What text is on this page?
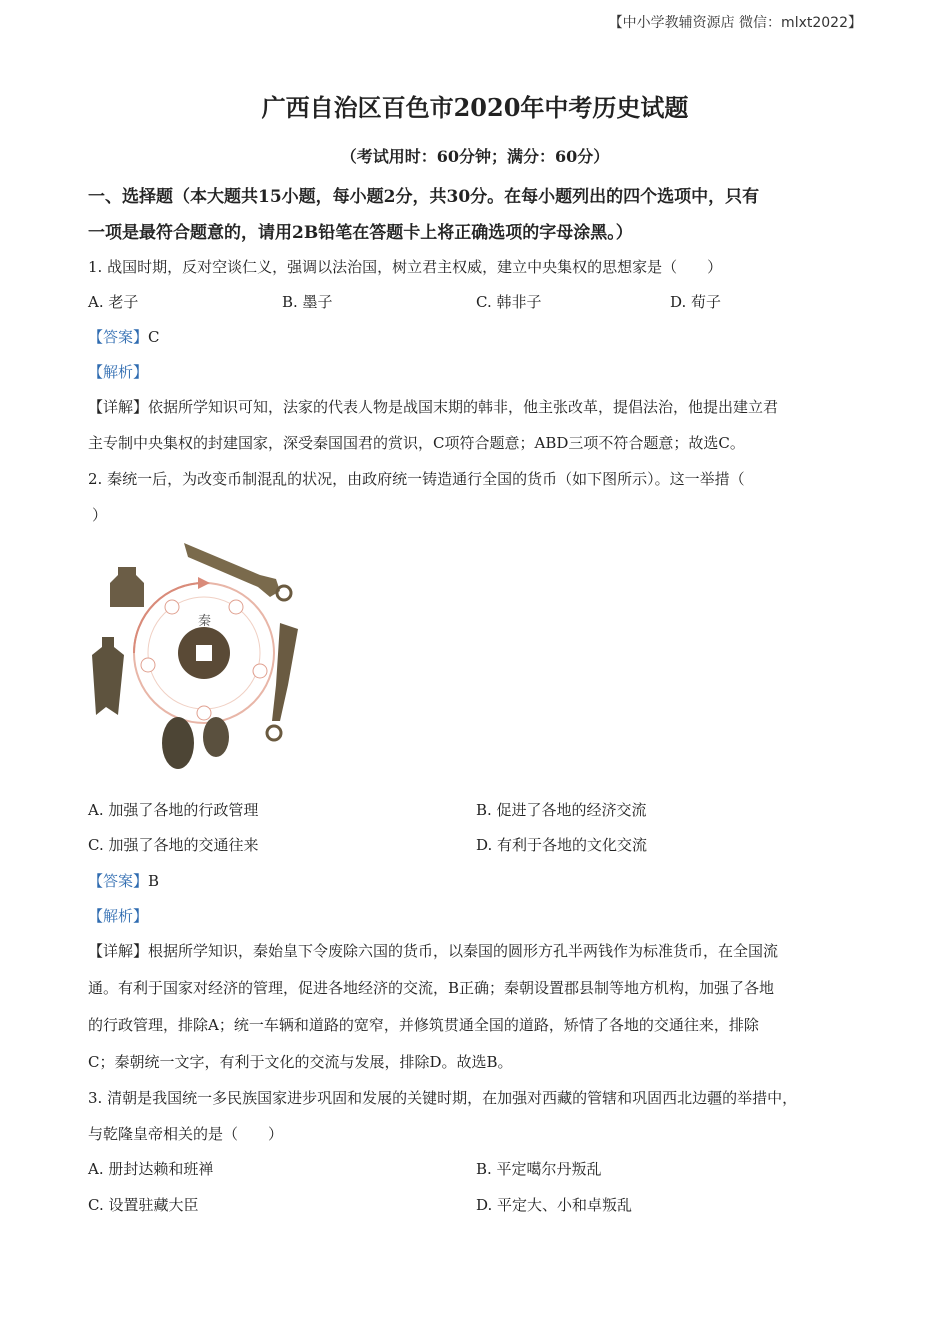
【中小学教辅资源店 微信：mlxt2022】
广西自治区百色市2020年中考历史试题
（考试用时：60分钟；满分：60分）
一、选择题（本大题共15小题，每小题2分，共30分。在每小题列出的四个选项中，只有
一项是最符合题意的，请用2B铅笔在答题卡上将正确选项的字母涂黑。）
1. 战国时期，反对空谈仁义，强调以法治国，树立君主权威，建立中央集权的思想家是（　　）
A. 老子	B. 墨子	C. 韩非子	D. 荀子
【答案】C
【解析】
【详解】依据所学知识可知，法家的代表人物是战国末期的韩非，他主张改革，提倡法治，他提出建立君
主专制中央集权的封建国家，深受秦国国君的赏识，C项符合题意；ABD三项不符合题意；故选C。
2. 秦统一后，为改变币制混乱的状况，由政府统一铸造通行全国的货币（如下图所示）。这一举措（
）
秦
A. 加强了各地的行政管理	B. 促进了各地的经济交流
C. 加强了各地的交通往来	D. 有利于各地的文化交流
【答案】B
【解析】
【详解】根据所学知识，秦始皇下令废除六国的货币，以秦国的圆形方孔半两钱作为标准货币，在全国流
通。有利于国家对经济的管理，促进各地经济的交流，B正确；秦朝设置郡县制等地方机构，加强了各地
的行政管理，排除A；统一车辆和道路的宽窄，并修筑贯通全国的道路，矫情了各地的交通往来，排除
C；秦朝统一文字，有利于文化的交流与发展，排除D。故选B。
3. 清朝是我国统一多民族国家进步巩固和发展的关键时期，在加强对西藏的管辖和巩固西北边疆的举措中，
与乾隆皇帝相关的是（　　）
A. 册封达赖和班禅	B. 平定噶尔丹叛乱
C. 设置驻藏大臣	D. 平定大、小和卓叛乱
